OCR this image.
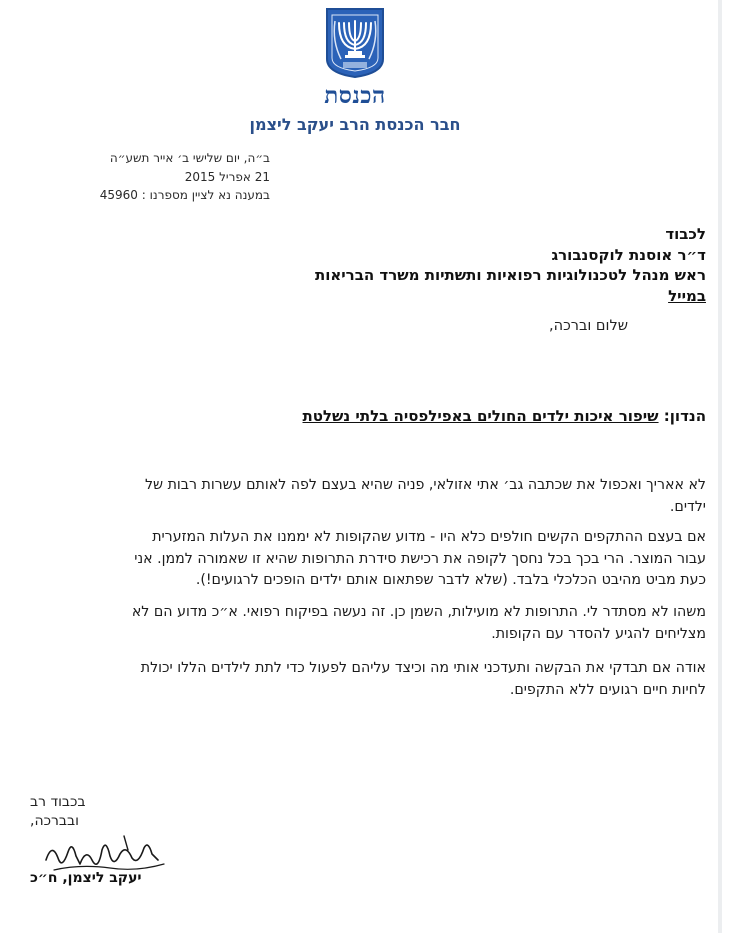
הכנסת
חבר הכנסת הרב יעקב ליצמן
ב״ה, יום שלישי ב׳ אייר תשע״ה
21 אפריל 2015
במענה נא לציין מספרנו : 45960
לכבוד
ד״ר אוסנת לוקסנבורג
ראש מנהל לטכנולוגיות רפואיות ותשתיות משרד הבריאות
במייל
שלום וברכה,
הנדון: שיפור איכות ילדים החולים באפילפסיה בלתי נשלטת
לא אאריך ואכפול את שכתבה גב׳ אתי אזולאי, פניה שהיא בעצם לפה לאותם עשרות רבות של
ילדים.
אם בעצם ההתקפים הקשים חולפים כלא היו - מדוע שהקופות לא יממנו את העלות המזערית
עבור המוצר. הרי בכך בכל נחסך לקופה את רכישת סידרת התרופות שהיא זו שאמורה לממן. אני
כעת מביט מהיבט הכלכלי בלבד. (שלא לדבר שפתאום אותם ילדים הופכים לרגועים!).
משהו לא מסתדר לי. התרופות לא מועילות, השמן כן. זה נעשה בפיקוח רפואי. א״כ מדוע הם לא
מצליחים להגיע להסדר עם הקופות.
אודה אם תבדקי את הבקשה ותעדכני אותי מה וכיצד עליהם לפעול כדי לתת לילדים הללו יכולת
לחיות חיים רגועים ללא התקפים.
בכבוד רב
ובברכה,
יעקב ליצמן, ח״כ
